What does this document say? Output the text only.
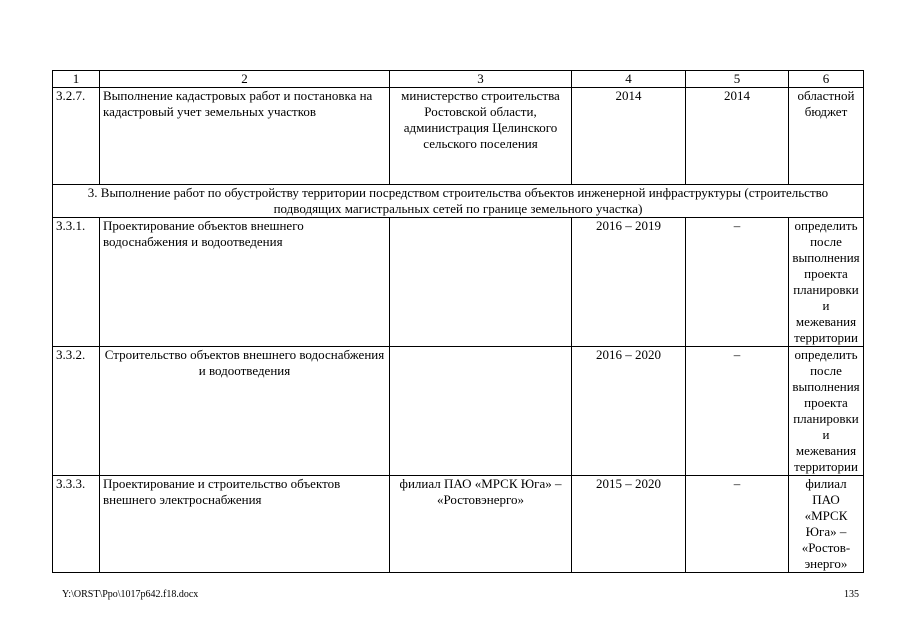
1	2	3	4	5	6
3.2.7.	Выполнение кадастровых работ и постановка на кадастровый учет земельных участков	министерство строительства Ростовской области, администрация Целинского сельского поселения	2014	2014	областной бюджет
3. Выполнение работ по обустройству территории посредством строительства объектов инженерной инфраструктуры (строительство подводящих магистральных сетей по границе земельного участка)					
3.3.1.	Проектирование объектов внешнего водоснабжения и водоотведения		2016 – 2019	–	определить после выполнения проекта планировки и межевания территории
3.3.2.	Строительство объектов внешнего водоснабжения и водоотведения		2016 – 2020	–	определить после выполнения проекта планировки и межевания территории
3.3.3.	Проектирование и строительство объектов внешнего электроснабжения	филиал ПАО «МРСК Юга» – «Ростовэнерго»	2015 – 2020	–	филиал ПАО «МРСК Юга» – «Ростов-энерго»
Y:\ORST\Ppo\1017p642.f18.docx	135
